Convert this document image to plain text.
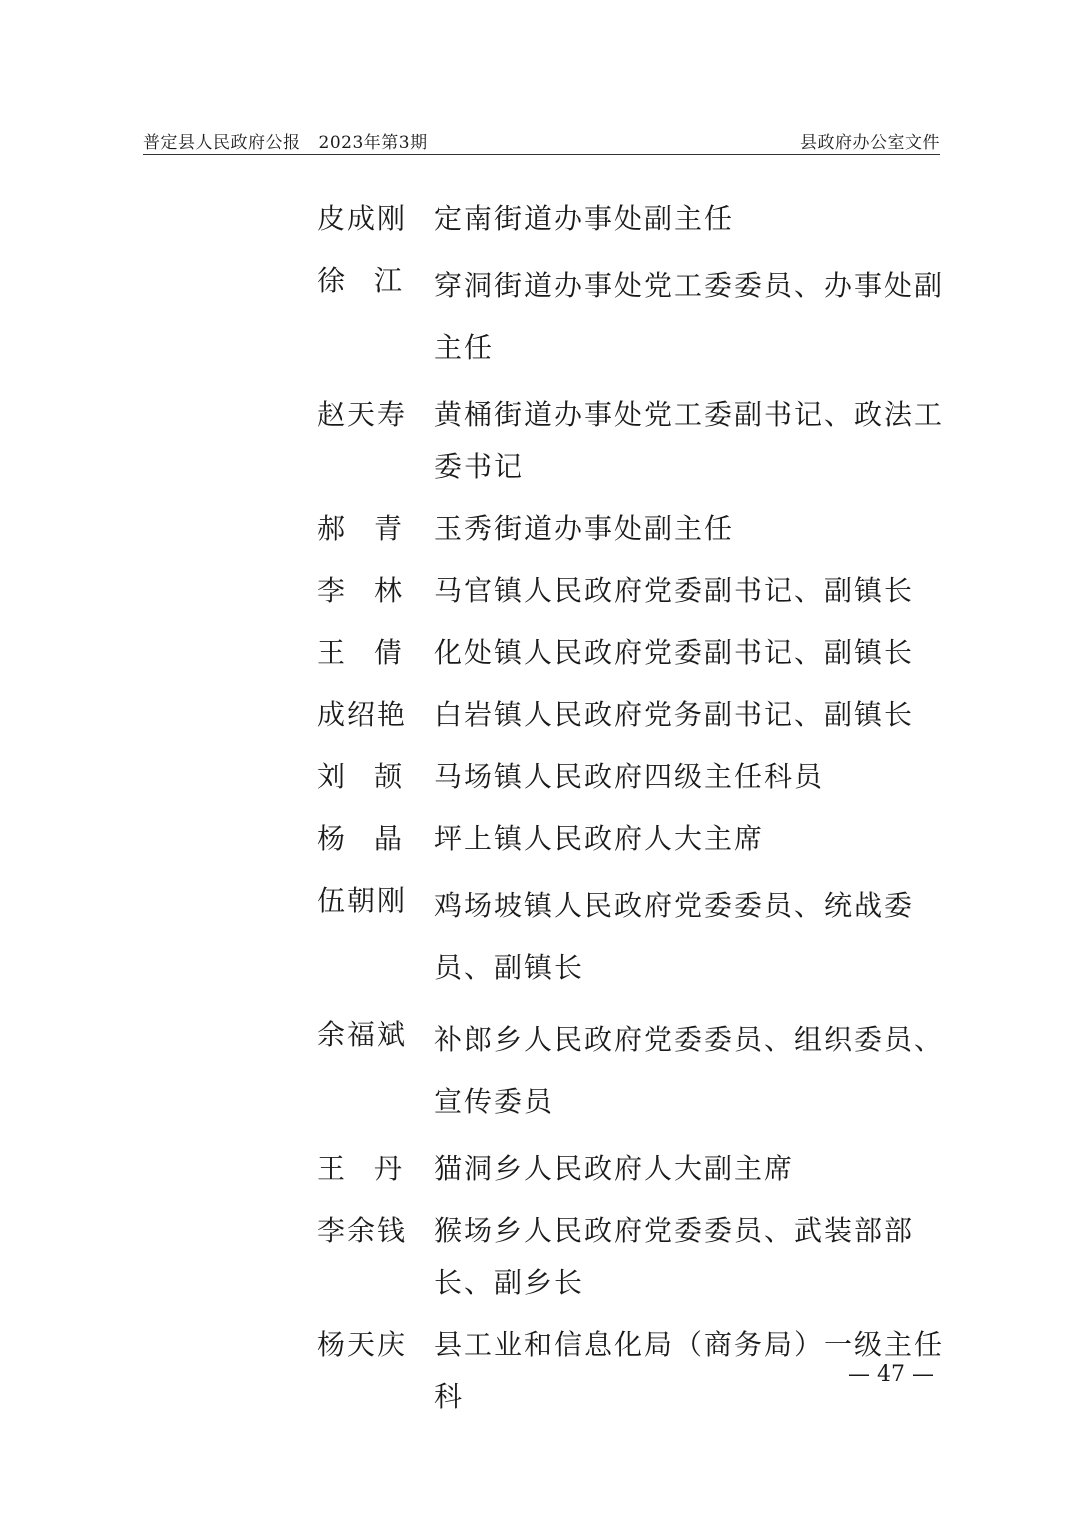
普定县人民政府公报 2023年第3期	县政府办公室文件
皮成刚 定南街道办事处副主任
徐 江 穿洞街道办事处党工委委员、办事处副主任
赵天寿 黄桶街道办事处党工委副书记、政法工委书记
郝 青 玉秀街道办事处副主任
李 林 马官镇人民政府党委副书记、副镇长
王 倩 化处镇人民政府党委副书记、副镇长
成绍艳 白岩镇人民政府党务副书记、副镇长
刘 颉 马场镇人民政府四级主任科员
杨 晶 坪上镇人民政府人大主席
伍朝刚 鸡场坡镇人民政府党委委员、统战委员、副镇长
余福斌 补郎乡人民政府党委委员、组织委员、宣传委员
王 丹 猫洞乡人民政府人大副主席
李余钱 猴场乡人民政府党委委员、武装部部长、副乡长
杨天庆 县工业和信息化局（商务局）一级主任科
— 47 —
